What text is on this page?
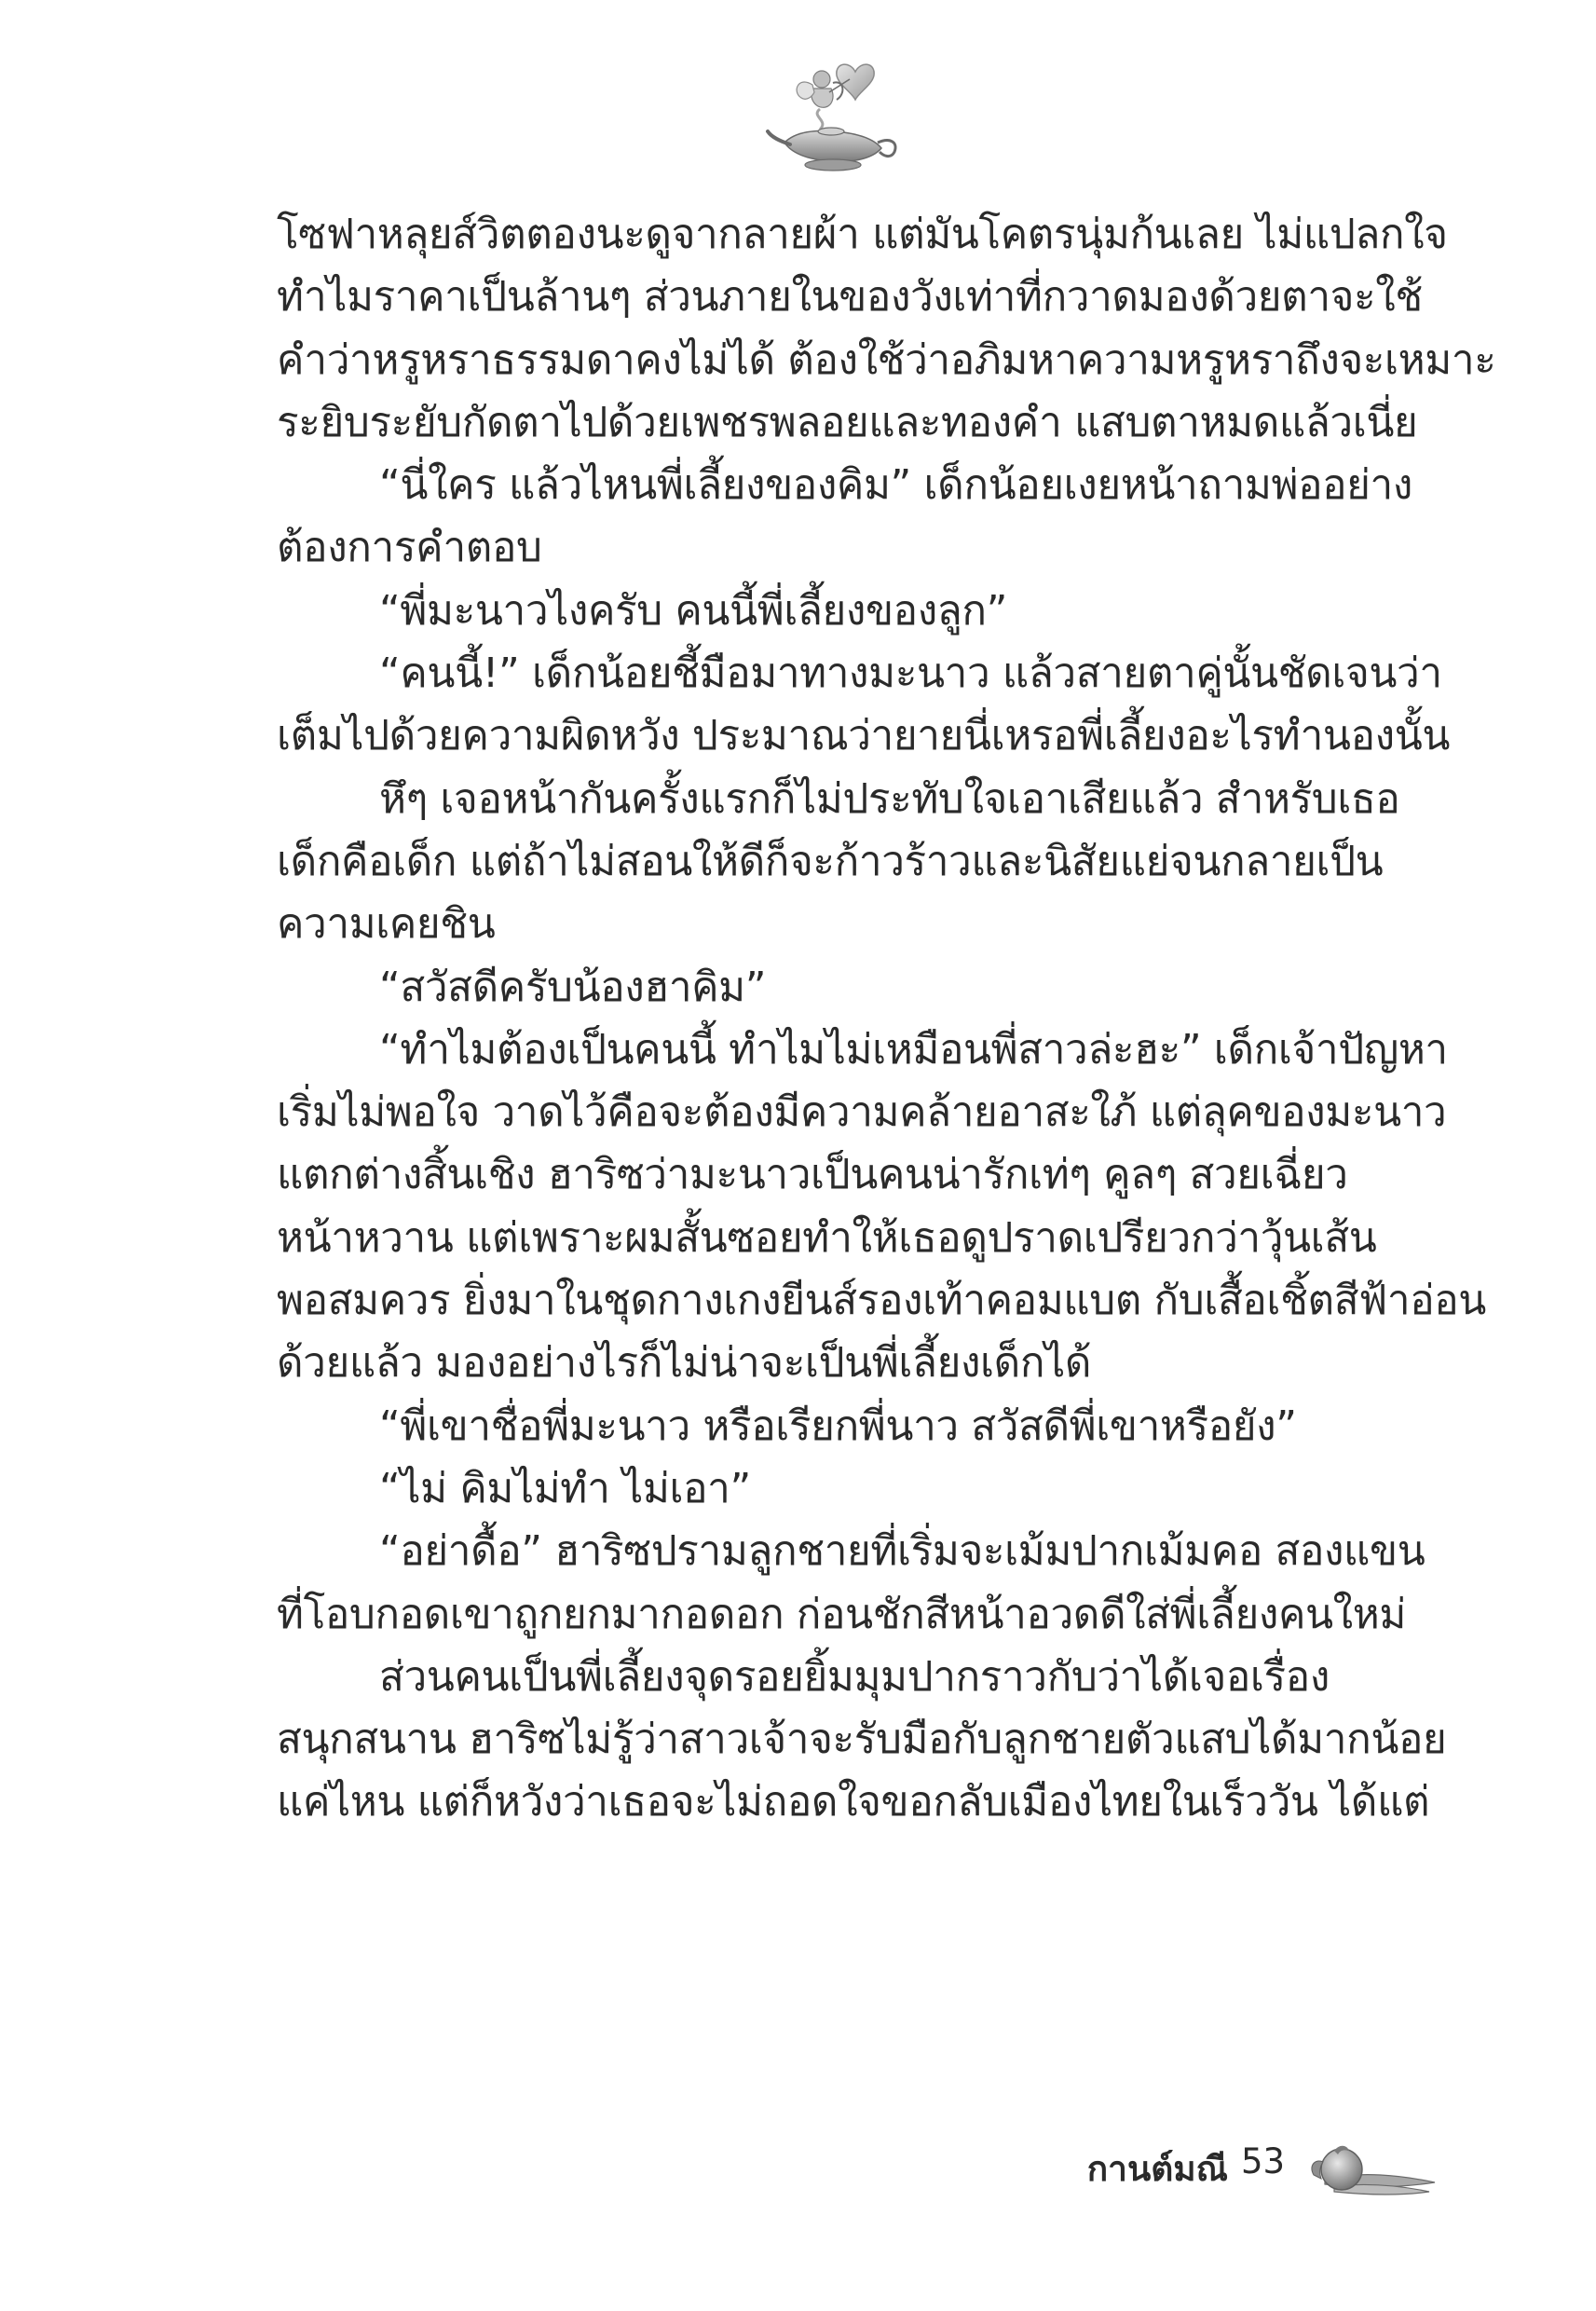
โซฟาหลุยส์วิตตองนะดูจากลายผ้า แต่มันโคตรนุ่มก้นเลย ไม่แปลกใจ
ทำไมราคาเป็นล้านๆ ส่วนภายในของวังเท่าที่กวาดมองด้วยตาจะใช้
คำว่าหรูหราธรรมดาคงไม่ได้ ต้องใช้ว่าอภิมหาความหรูหราถึงจะเหมาะ
ระยิบระยับกัดตาไปด้วยเพชรพลอยและทองคำ แสบตาหมดแล้วเนี่ย
“นี่ใคร แล้วไหนพี่เลี้ยงของคิม” เด็กน้อยเงยหน้าถามพ่ออย่าง
ต้องการคำตอบ
“พี่มะนาวไงครับ คนนี้พี่เลี้ยงของลูก”
“คนนี้!” เด็กน้อยชี้มือมาทางมะนาว แล้วสายตาคู่นั้นชัดเจนว่า
เต็มไปด้วยความผิดหวัง ประมาณว่ายายนี่เหรอพี่เลี้ยงอะไรทำนองนั้น
หึๆ เจอหน้ากันครั้งแรกก็ไม่ประทับใจเอาเสียแล้ว สำหรับเธอ
เด็กคือเด็ก แต่ถ้าไม่สอนให้ดีก็จะก้าวร้าวและนิสัยแย่จนกลายเป็น
ความเคยชิน
“สวัสดีครับน้องฮาคิม”
“ทำไมต้องเป็นคนนี้ ทำไมไม่เหมือนพี่สาวล่ะฮะ” เด็กเจ้าปัญหา
เริ่มไม่พอใจ วาดไว้คือจะต้องมีความคล้ายอาสะใภ้ แต่ลุคของมะนาว
แตกต่างสิ้นเชิง ฮาริซว่ามะนาวเป็นคนน่ารักเท่ๆ คูลๆ สวยเฉี่ยว
หน้าหวาน แต่เพราะผมสั้นซอยทำให้เธอดูปราดเปรียวกว่าวุ้นเส้น
พอสมควร ยิ่งมาในชุดกางเกงยีนส์รองเท้าคอมแบต กับเสื้อเชิ้ตสีฟ้าอ่อน
ด้วยแล้ว มองอย่างไรก็ไม่น่าจะเป็นพี่เลี้ยงเด็กได้
“พี่เขาชื่อพี่มะนาว หรือเรียกพี่นาว สวัสดีพี่เขาหรือยัง”
“ไม่ คิมไม่ทำ ไม่เอา”
“อย่าดื้อ” ฮาริซปรามลูกชายที่เริ่มจะเม้มปากเม้มคอ สองแขน
ที่โอบกอดเขาถูกยกมากอดอก ก่อนชักสีหน้าอวดดีใส่พี่เลี้ยงคนใหม่
ส่วนคนเป็นพี่เลี้ยงจุดรอยยิ้มมุมปากราวกับว่าได้เจอเรื่อง
สนุกสนาน ฮาริซไม่รู้ว่าสาวเจ้าจะรับมือกับลูกชายตัวแสบได้มากน้อย
แค่ไหน แต่ก็หวังว่าเธอจะไม่ถอดใจขอกลับเมืองไทยในเร็ววัน ได้แต่
กานต์มณี 53
